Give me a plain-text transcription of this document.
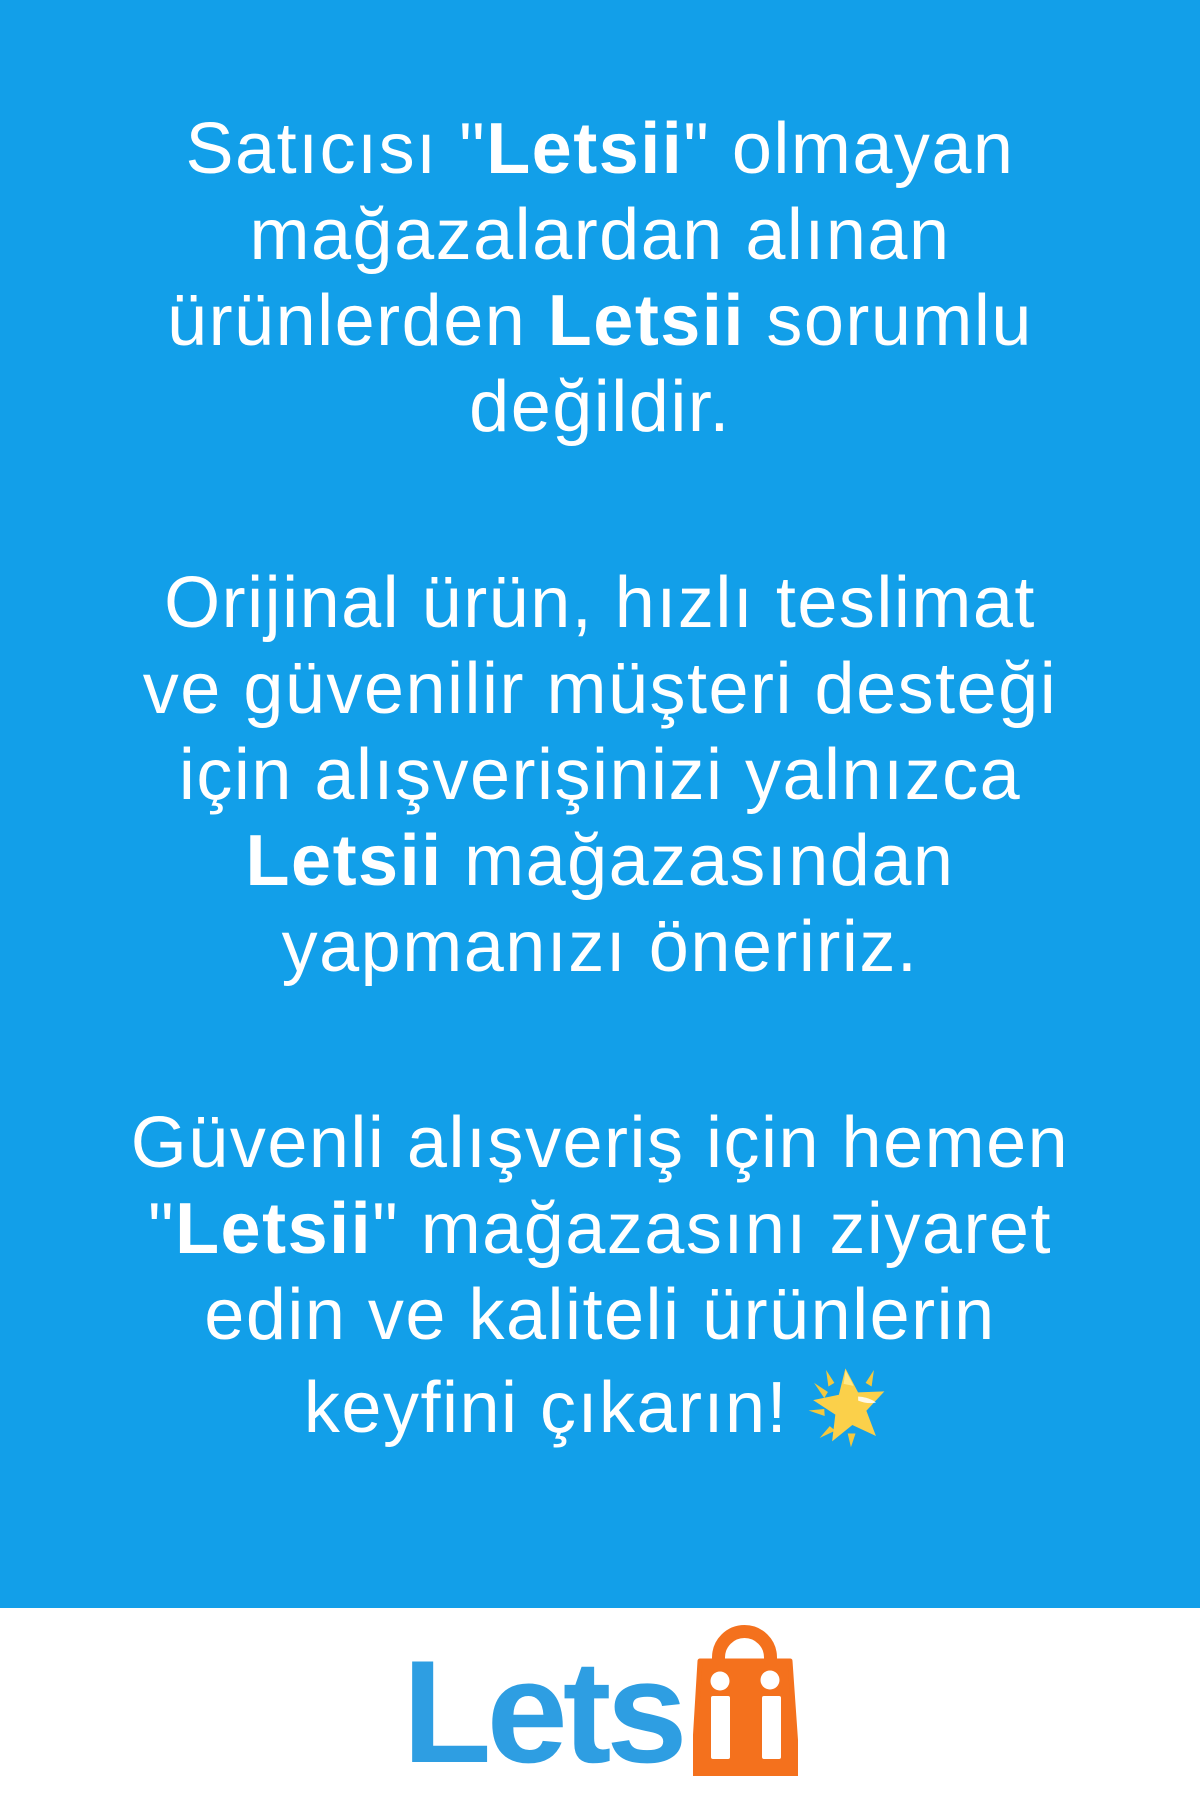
Satıcısı "Letsii" olmayan
mağazalardan alınan
ürünlerden Letsii sorumlu
değildir.

Orijinal ürün, hızlı teslimat
ve güvenilir müşteri desteği
için alışverişinizi yalnızca
Letsii mağazasından
yapmanızı öneririz.

Güvenli alışveriş için hemen
"Letsii" mağazasını ziyaret
edin ve kaliteli ürünlerin
keyfini çıkarın!

Lets
